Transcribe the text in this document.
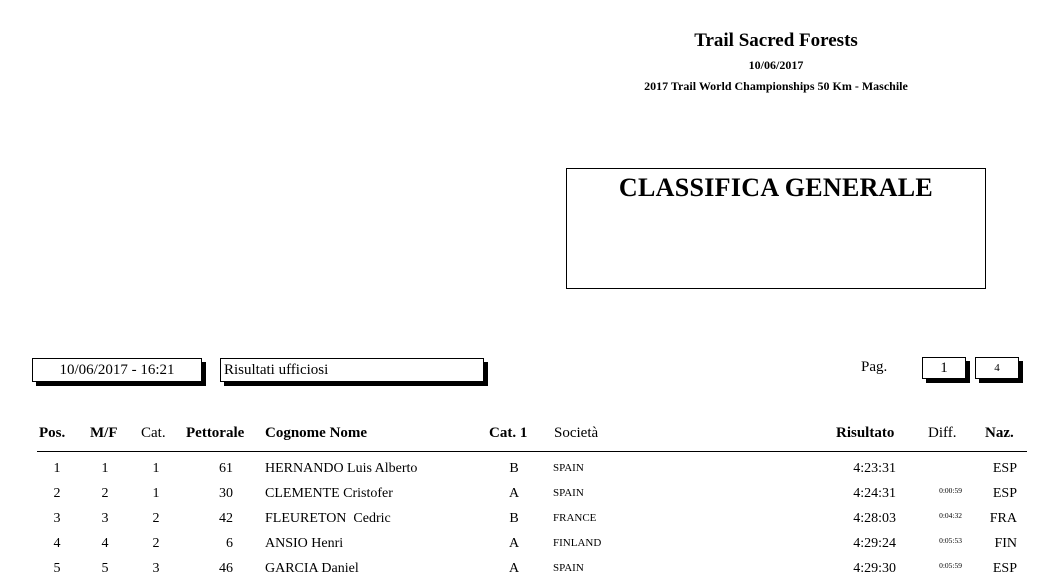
Trail Sacred Forests
10/06/2017
2017 Trail World Championships 50 Km - Maschile
CLASSIFICA GENERALE
10/06/2017 - 16:21	Risultati ufficiosi	Pag.	1	4
Pos. M/F Cat. Pettorale Cognome Nome	Cat. 1 Società	Risultato Diff. Naz.
1	1	1	61 HERNANDO Luis Alberto	B	SPAIN	4:23:31	ESP
2	2	1	30 CLEMENTE Cristofer	A	SPAIN	4:24:31	0:00:59 ESP
3	3	2	42 FLEURETON  Cedric	B	FRANCE	4:28:03	0:04:32 FRA
4	4	2	6 ANSIO Henri	A	FINLAND	4:29:24	0:05:53 FIN
5	5	3	46 GARCIA Daniel	A	SPAIN	4:29:30	0:05:59 ESP
